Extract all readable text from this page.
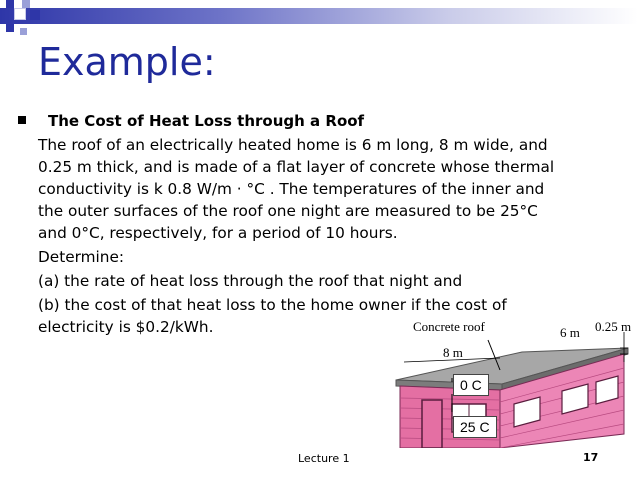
Example:
The Cost of Heat Loss through a Roof
The roof of an electrically heated home is 6 m long, 8 m wide, and
0.25 m thick, and is made of a flat layer of concrete whose thermal
conductivity is k 0.8 W/m · °C . The temperatures of the inner and
the outer surfaces of the roof one night are measured to be 25°C
and 0°C, respectively, for a period of 10 hours.
Determine:
(a) the rate of heat loss through the roof that night and
(b) the cost of that heat loss to the home owner if the cost of
electricity is $0.2/kWh.	Concrete roof	6 m 0.25 m
8 m
0 C
25 C
Lecture 1	17
